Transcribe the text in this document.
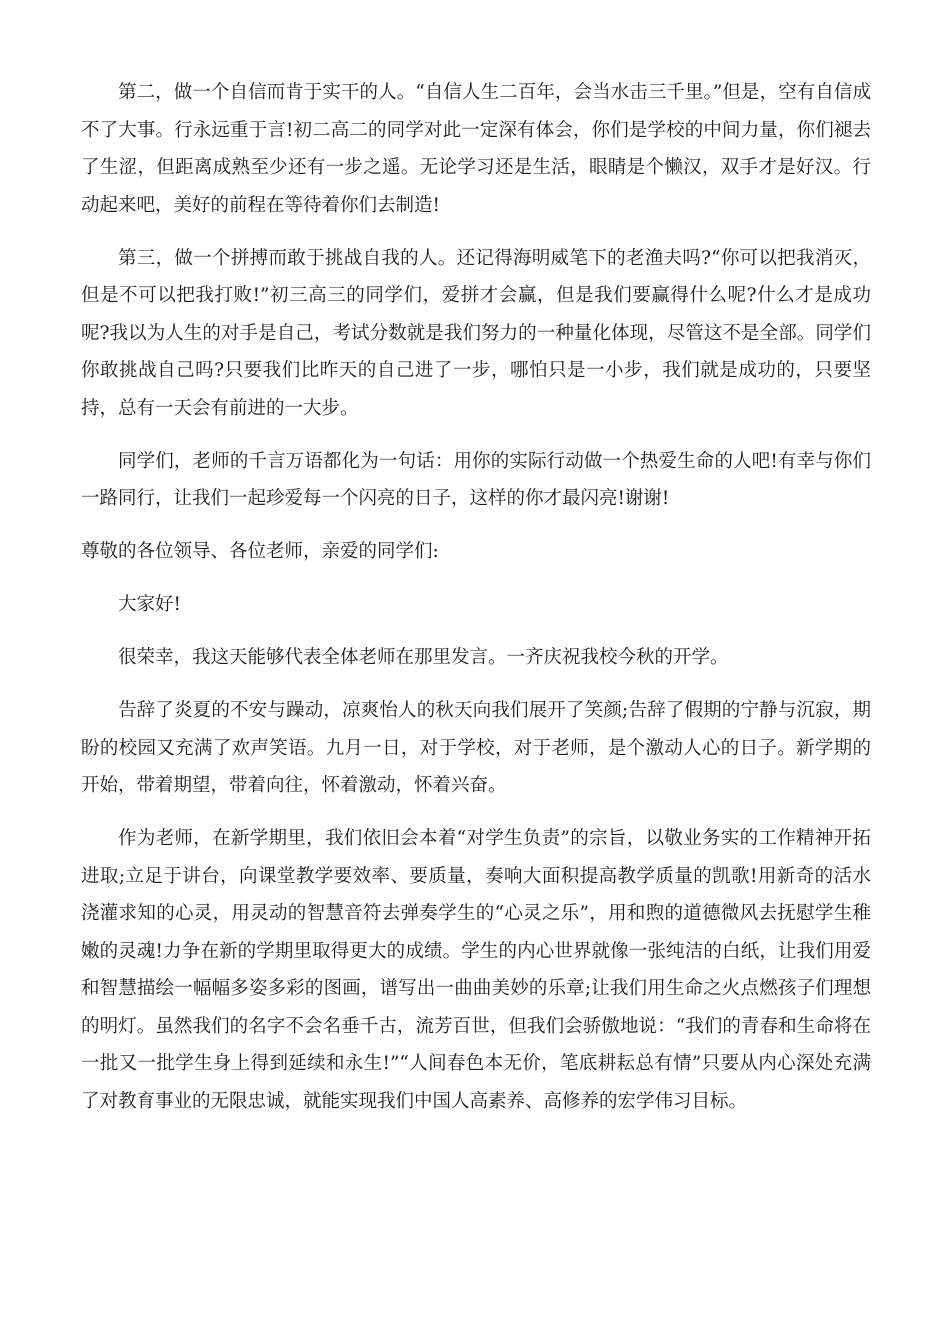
第二，做一个自信而肯于实干的人。“自信人生二百年，会当水击三千里。”但是，空有自信成不了大事。行永远重于言!初二高二的同学对此一定深有体会，你们是学校的中间力量，你们褪去了生涩，但距离成熟至少还有一步之遥。无论学习还是生活，眼睛是个懒汉，双手才是好汉。行动起来吧，美好的前程在等待着你们去制造!

第三，做一个拼搏而敢于挑战自我的人。还记得海明威笔下的老渔夫吗?“你可以把我消灭，但是不可以把我打败!”初三高三的同学们，爱拼才会赢，但是我们要赢得什么呢?什么才是成功呢?我以为人生的对手是自己，考试分数就是我们努力的一种量化体现，尽管这不是全部。同学们你敢挑战自己吗?只要我们比昨天的自己进了一步，哪怕只是一小步，我们就是成功的，只要坚持，总有一天会有前进的一大步。

同学们，老师的千言万语都化为一句话：用你的实际行动做一个热爱生命的人吧!有幸与你们一路同行，让我们一起珍爱每一个闪亮的日子，这样的你才最闪亮!谢谢!

尊敬的各位领导、各位老师，亲爱的同学们:

大家好!

很荣幸，我这天能够代表全体老师在那里发言。一齐庆祝我校今秋的开学。

告辞了炎夏的不安与躁动，凉爽怡人的秋天向我们展开了笑颜;告辞了假期的宁静与沉寂，期盼的校园又充满了欢声笑语。九月一日，对于学校，对于老师，是个激动人心的日子。新学期的开始，带着期望，带着向往，怀着激动，怀着兴奋。

作为老师，在新学期里，我们依旧会本着“对学生负责”的宗旨，以敬业务实的工作精神开拓进取;立足于讲台，向课堂教学要效率、要质量，奏响大面积提高教学质量的凯歌!用新奇的活水浇灌求知的心灵，用灵动的智慧音符去弹奏学生的“心灵之乐”，用和煦的道德微风去抚慰学生稚嫩的灵魂!力争在新的学期里取得更大的成绩。学生的内心世界就像一张纯洁的白纸，让我们用爱和智慧描绘一幅幅多姿多彩的图画，谱写出一曲曲美妙的乐章;让我们用生命之火点燃孩子们理想的明灯。虽然我们的名字不会名垂千古，流芳百世，但我们会骄傲地说：“我们的青春和生命将在一批又一批学生身上得到延续和永生!”“人间春色本无价，笔底耕耘总有情”只要从内心深处充满了对教育事业的无限忠诚，就能实现我们中国人高素养、高修养的宏学伟习目标。
